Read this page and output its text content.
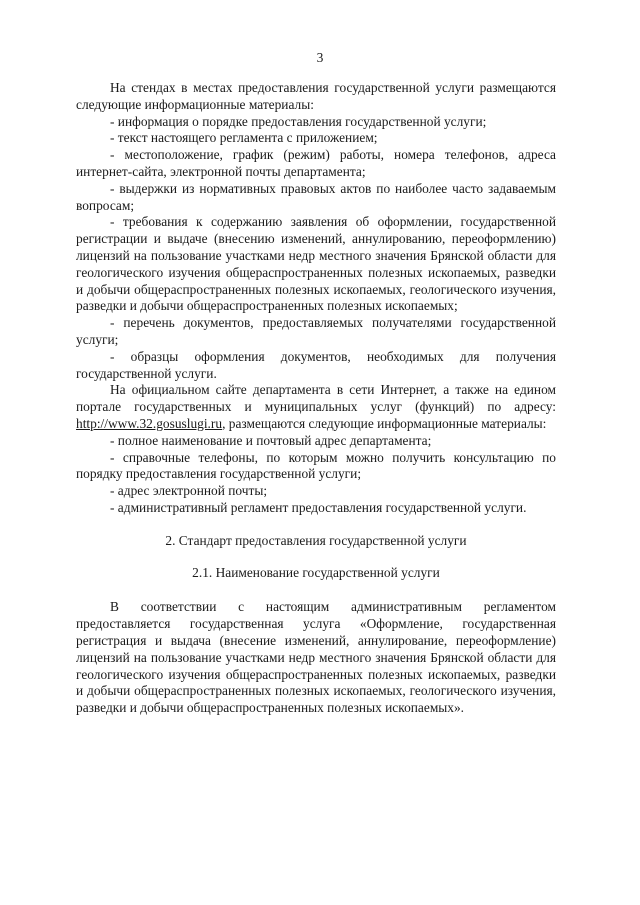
3

На стендах в местах предоставления государственной услуги размещаются следующие информационные материалы:

- информация о порядке предоставления государственной услуги;

- текст настоящего регламента с приложением;

- местоположение, график (режим) работы, номера телефонов, адреса интернет-сайта, электронной почты департамента;

- выдержки из нормативных правовых актов по наиболее часто задаваемым вопросам;

- требования к содержанию заявления об оформлении, государственной регистрации и выдаче (внесению изменений, аннулированию, переоформлению) лицензий на пользование участками недр местного значения Брянской области для геологического изучения общераспространенных полезных ископаемых, разведки и добычи общераспространенных полезных ископаемых, геологического изучения, разведки и добычи общераспространенных полезных ископаемых;

- перечень документов, предоставляемых получателями государственной услуги;

- образцы оформления документов, необходимых для получения государственной услуги.

На официальном сайте департамента в сети Интернет, а также на едином портале государственных и муниципальных услуг (функций) по адресу: http://www.32.gosuslugi.ru, размещаются следующие информационные материалы:

- полное наименование и почтовый адрес департамента;

- справочные телефоны, по которым можно получить консультацию по порядку предоставления государственной услуги;

- адрес электронной почты;

- административный регламент предоставления государственной услуги.

2. Стандарт предоставления государственной услуги

2.1. Наименование государственной услуги

В соответствии с настоящим административным регламентом предоставляется государственная услуга «Оформление, государственная регистрация и выдача (внесение изменений, аннулирование, переоформление) лицензий на пользование участками недр местного значения Брянской области для геологического изучения общераспространенных полезных ископаемых, разведки и добычи общераспространенных полезных ископаемых, геологического изучения, разведки и добычи общераспространенных полезных ископаемых».
